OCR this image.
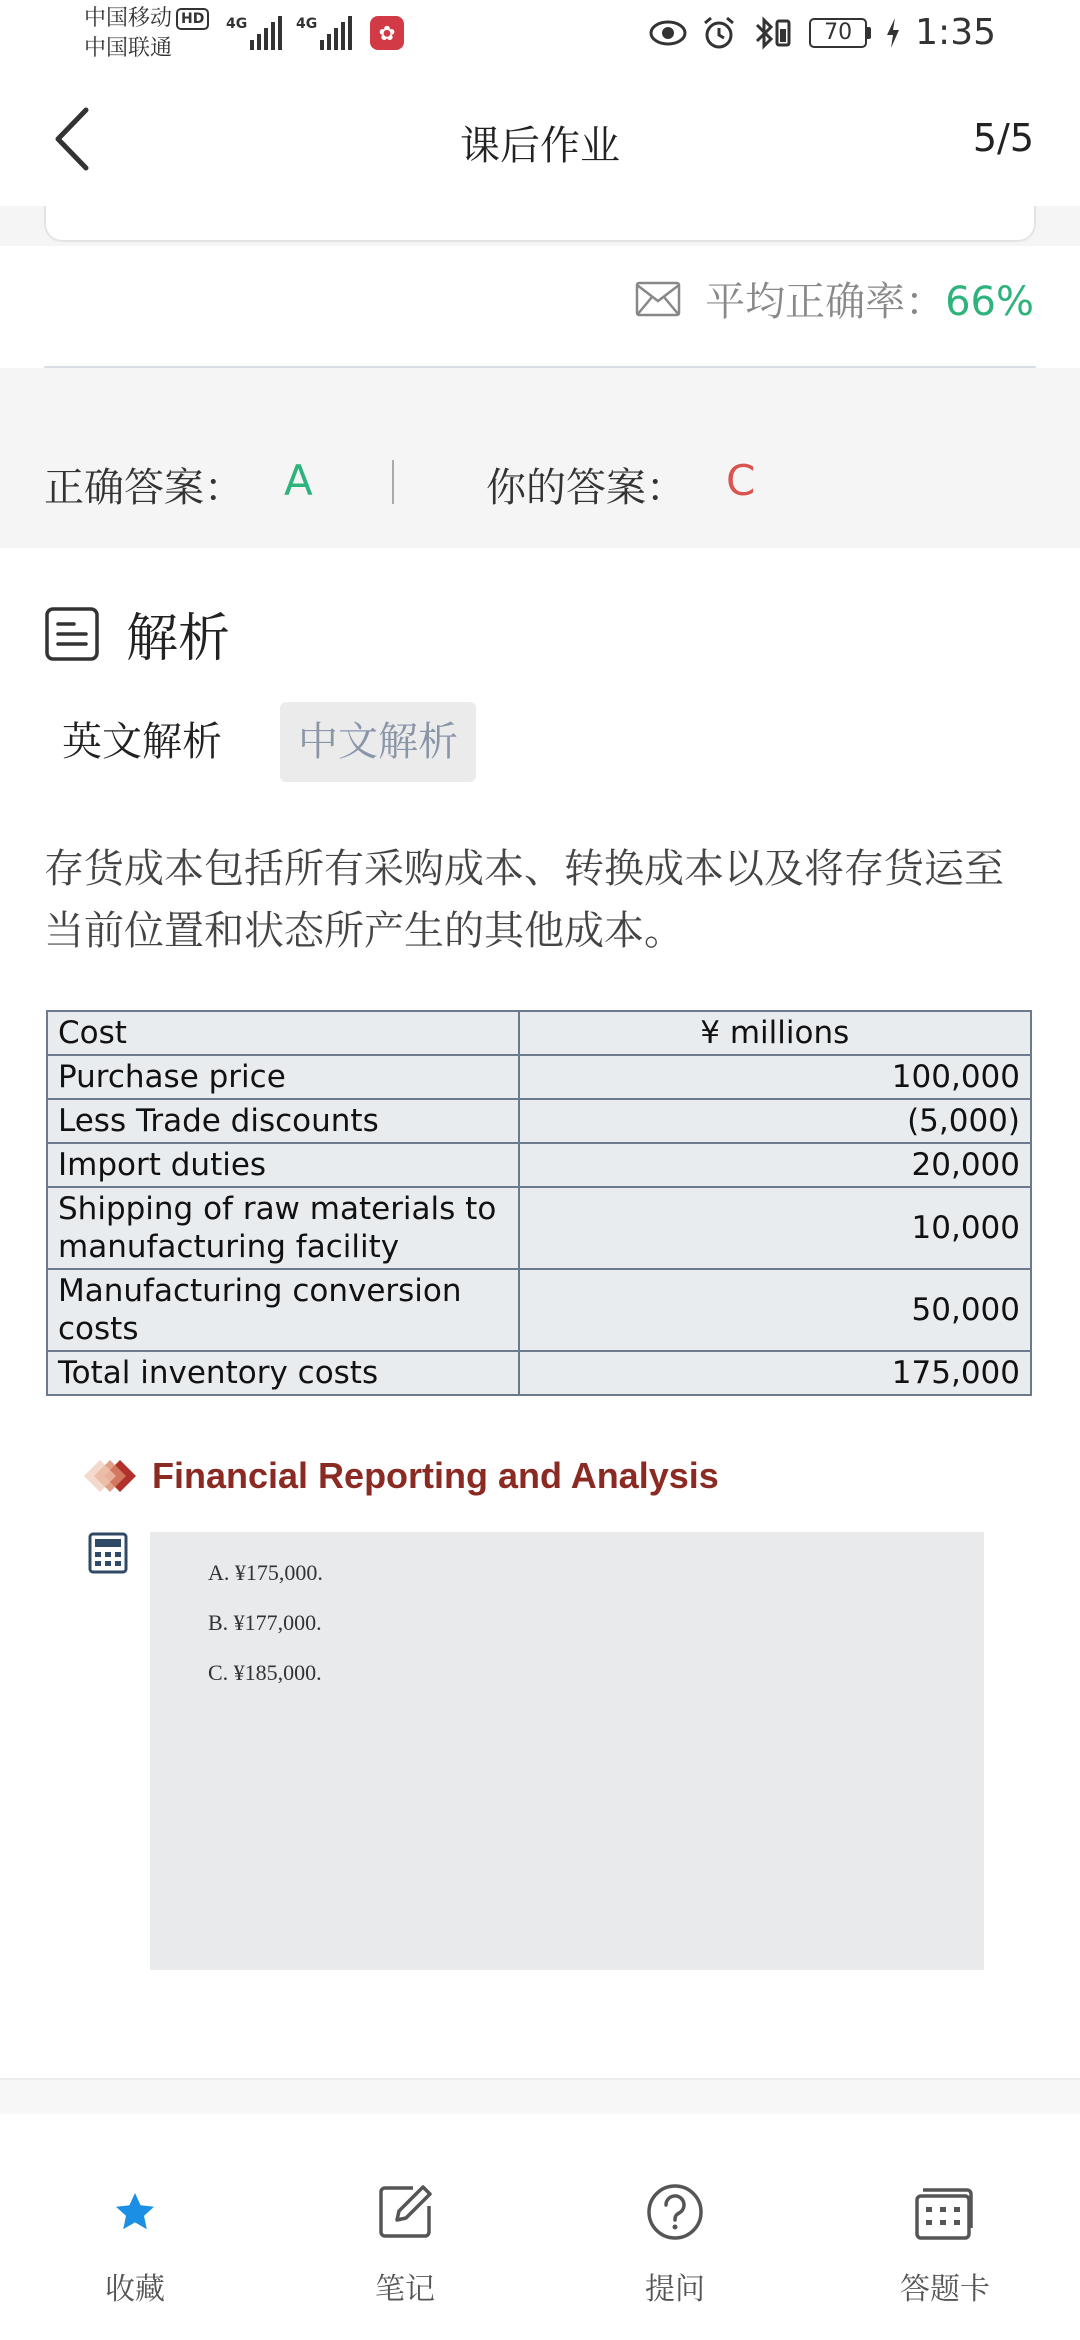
中国移动 HD
中国联通
4G	4G	✿	70	1:35
课后作业	5/5
平均正确率：66%
正确答案： A	你的答案： C
解析
英文解析	中文解析
存货成本包括所有采购成本、转换成本以及将存货运至当前位置和状态所产生的其他成本。
Cost	¥ millions
Purchase price	100,000
Less Trade discounts	(5,000)
Import duties	20,000
Shipping of raw materials to manufacturing facility	10,000
Manufacturing conversion costs	50,000
Total inventory costs	175,000
Financial Reporting and Analysis
A. ¥175,000.
B. ¥177,000.
C. ¥185,000.
收藏	笔记	提问	答题卡
